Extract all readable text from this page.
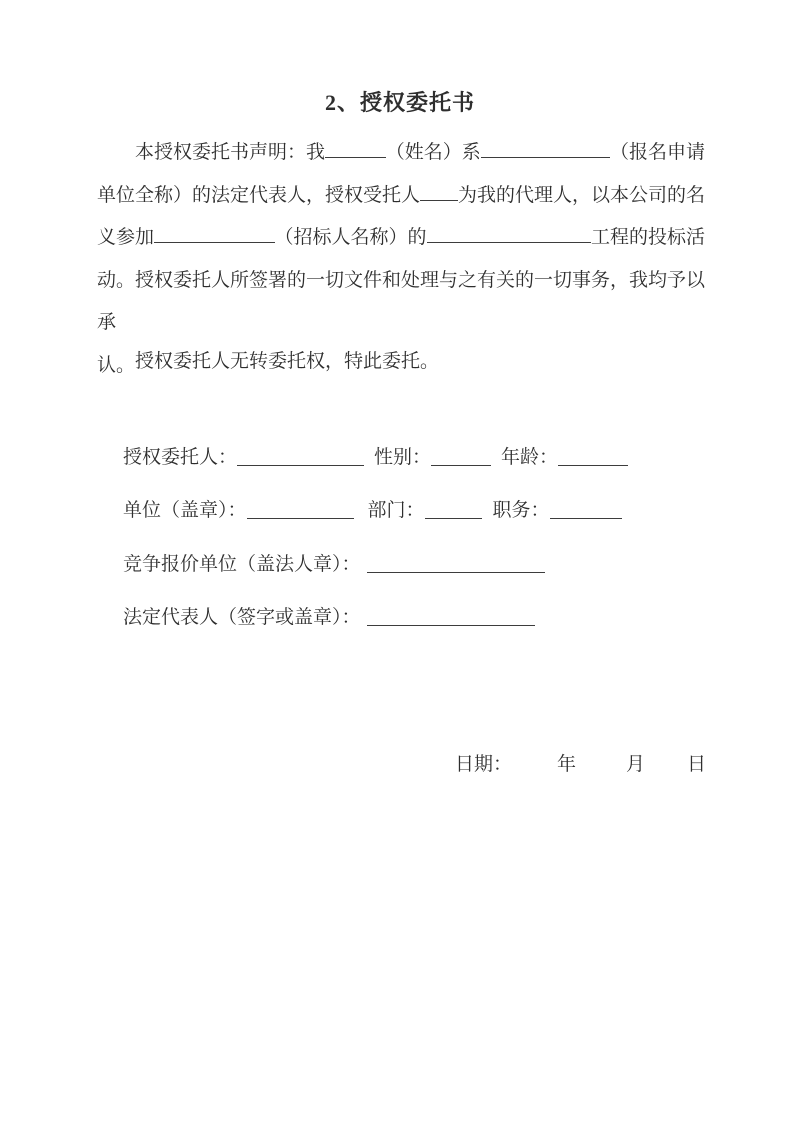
2、授权委托书
本授权委托书声明：我	（姓名）系	（报名申请
单位全称）的法定代表人，授权受托人 为我的代理人，以本公司的名
义参加	（招标人名称）的	工程的投标活
动。授权委托人所签署的一切文件和处理与之有关的一切事务，我均予以承
认。 授权委托人无转委托权，特此委托。
授权委托人：	性别：	年龄：
单位（盖章）：	部门：	职务：
竞争报价单位（盖法人章）：
法定代表人（签字或盖章）：
日期： 年	月 日
